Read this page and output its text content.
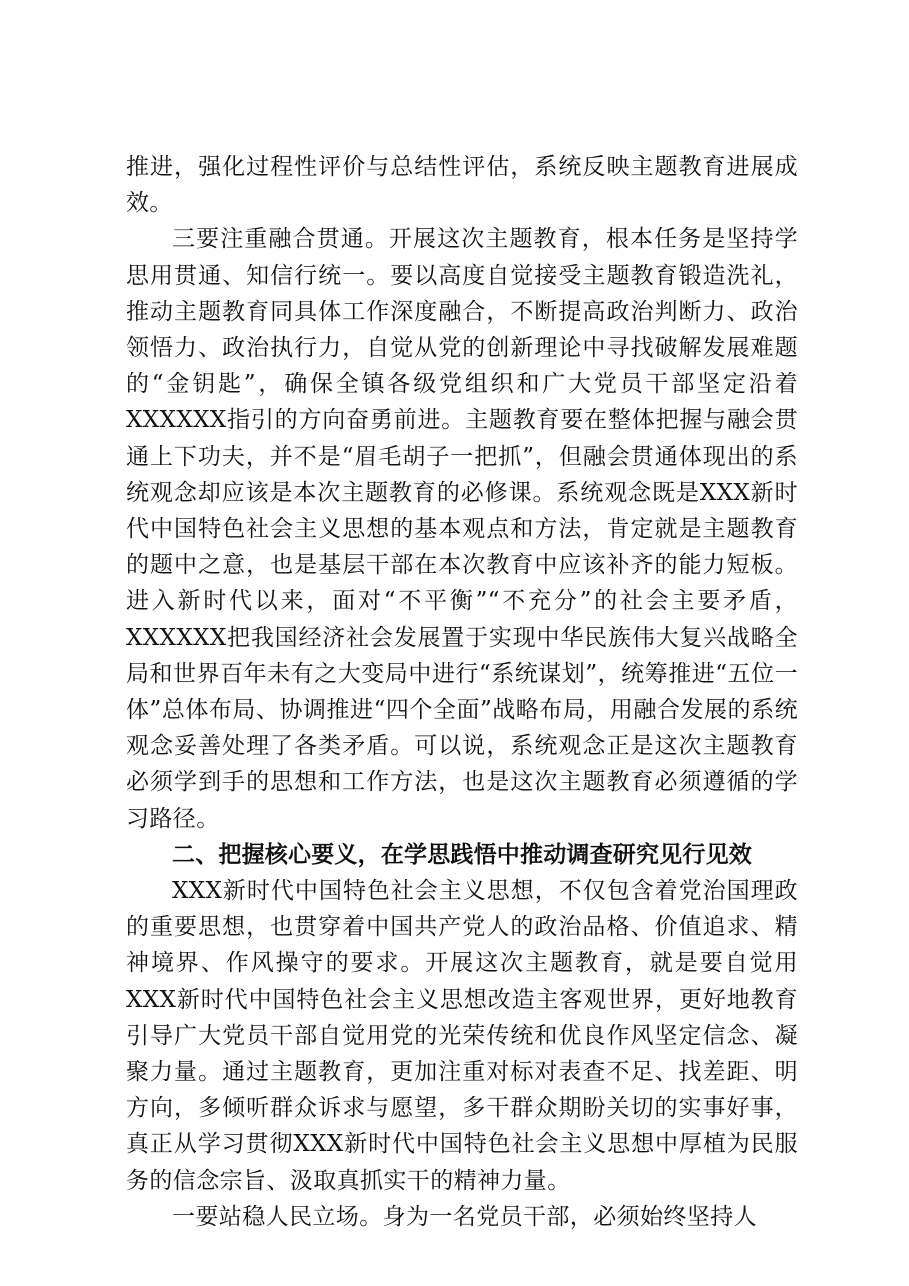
推进，强化过程性评价与总结性评估，系统反映主题教育进展成效。

三要注重融合贯通。开展这次主题教育，根本任务是坚持学思用贯通、知信行统一。要以高度自觉接受主题教育锻造洗礼，推动主题教育同具体工作深度融合，不断提高政治判断力、政治领悟力、政治执行力，自觉从党的创新理论中寻找破解发展难题的“金钥匙”，确保全镇各级党组织和广大党员干部坚定沿着XXXXXX指引的方向奋勇前进。主题教育要在整体把握与融会贯通上下功夫，并不是“眉毛胡子一把抓”，但融会贯通体现出的系统观念却应该是本次主题教育的必修课。系统观念既是XXX新时代中国特色社会主义思想的基本观点和方法，肯定就是主题教育的题中之意，也是基层干部在本次教育中应该补齐的能力短板。进入新时代以来，面对“不平衡”“不充分”的社会主要矛盾，XXXXXX把我国经济社会发展置于实现中华民族伟大复兴战略全局和世界百年未有之大变局中进行“系统谋划”，统筹推进“五位一体”总体布局、协调推进“四个全面”战略布局，用融合发展的系统观念妥善处理了各类矛盾。可以说，系统观念正是这次主题教育必须学到手的思想和工作方法，也是这次主题教育必须遵循的学习路径。

二、把握核心要义，在学思践悟中推动调查研究见行见效

XXX新时代中国特色社会主义思想，不仅包含着党治国理政的重要思想，也贯穿着中国共产党人的政治品格、价值追求、精神境界、作风操守的要求。开展这次主题教育，就是要自觉用XXX新时代中国特色社会主义思想改造主客观世界，更好地教育引导广大党员干部自觉用党的光荣传统和优良作风坚定信念、凝聚力量。通过主题教育，更加注重对标对表查不足、找差距、明方向，多倾听群众诉求与愿望，多干群众期盼关切的实事好事，真正从学习贯彻XXX新时代中国特色社会主义思想中厚植为民服务的信念宗旨、汲取真抓实干的精神力量。

一要站稳人民立场。身为一名党员干部，必须始终坚持人
